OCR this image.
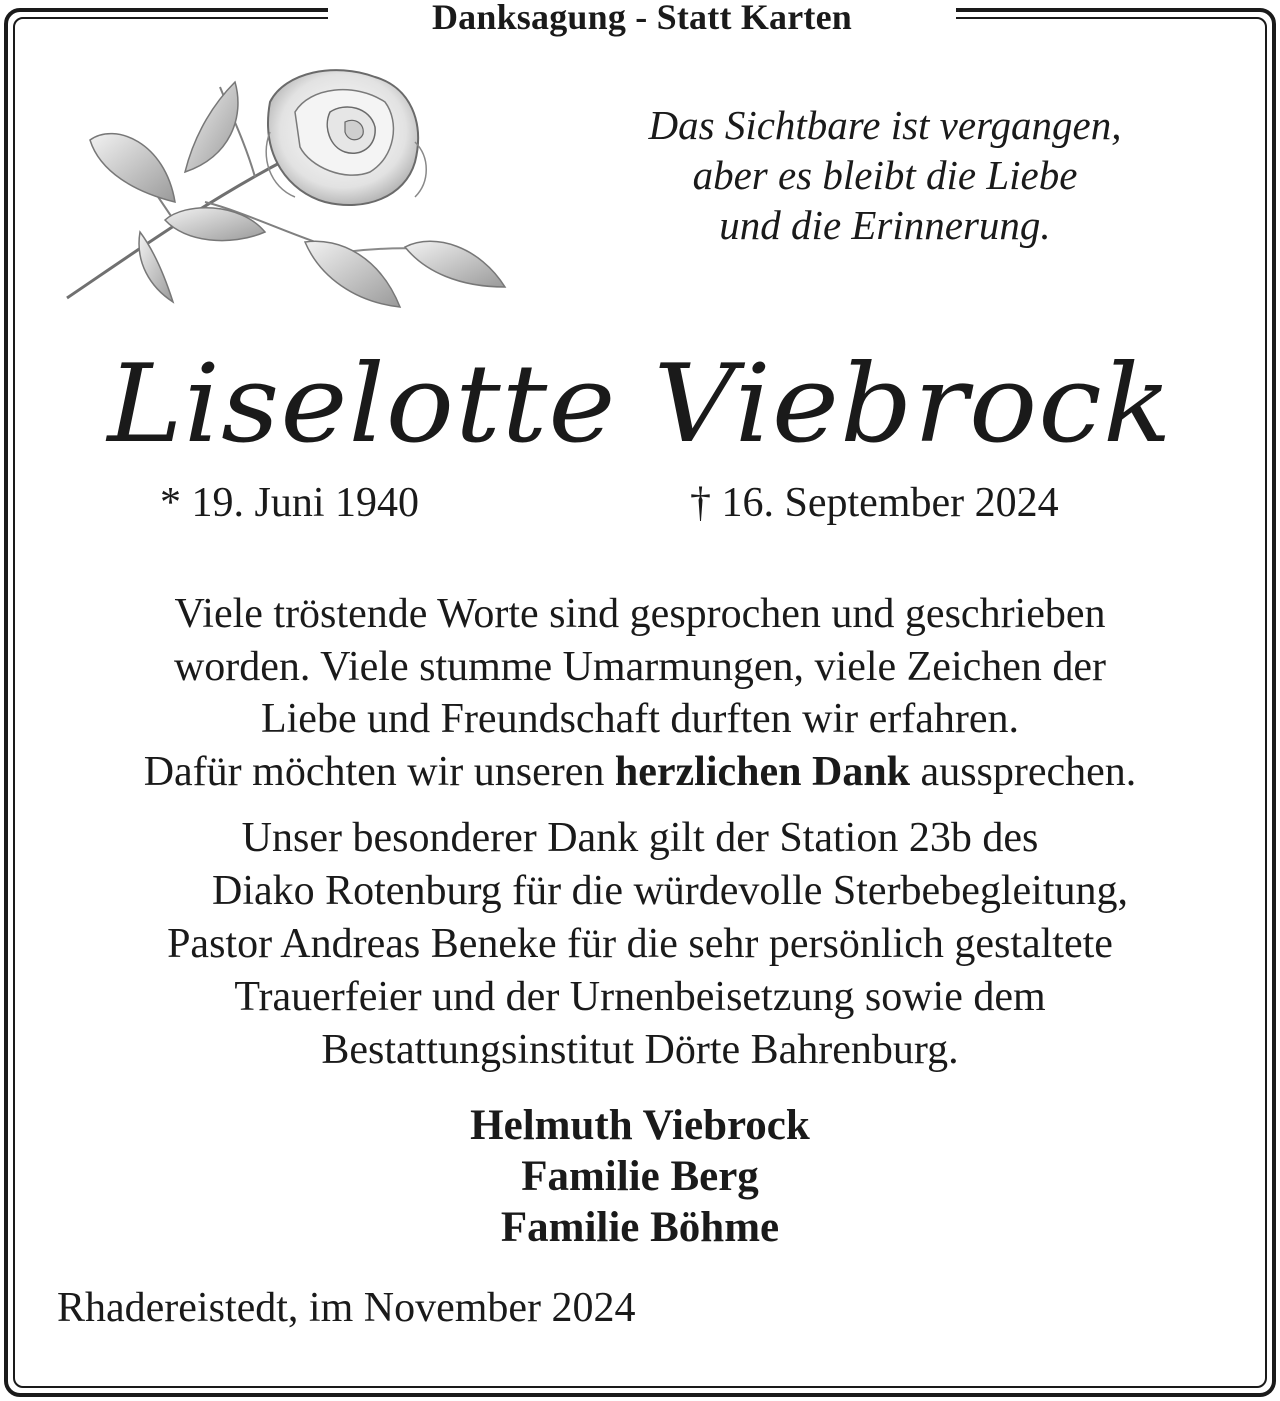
Danksagung - Statt Karten
Das Sichtbare ist vergangen,
aber es bleibt die Liebe
und die Erinnerung.
Liselotte Viebrock
* 19. Juni 1940	† 16. September 2024
Viele tröstende Worte sind gesprochen und geschrieben
worden. Viele stumme Umarmungen, viele Zeichen der
Liebe und Freundschaft durften wir erfahren.
Dafür möchten wir unseren herzlichen Dank aussprechen.
Unser besonderer Dank gilt der Station 23b des
Diako Rotenburg für die würdevolle Sterbebegleitung,
Pastor Andreas Beneke für die sehr persönlich gestaltete
Trauerfeier und der Urnenbeisetzung sowie dem
Bestattungsinstitut Dörte Bahrenburg.
Helmuth Viebrock
Familie Berg
Familie Böhme
Rhadereistedt, im November 2024
